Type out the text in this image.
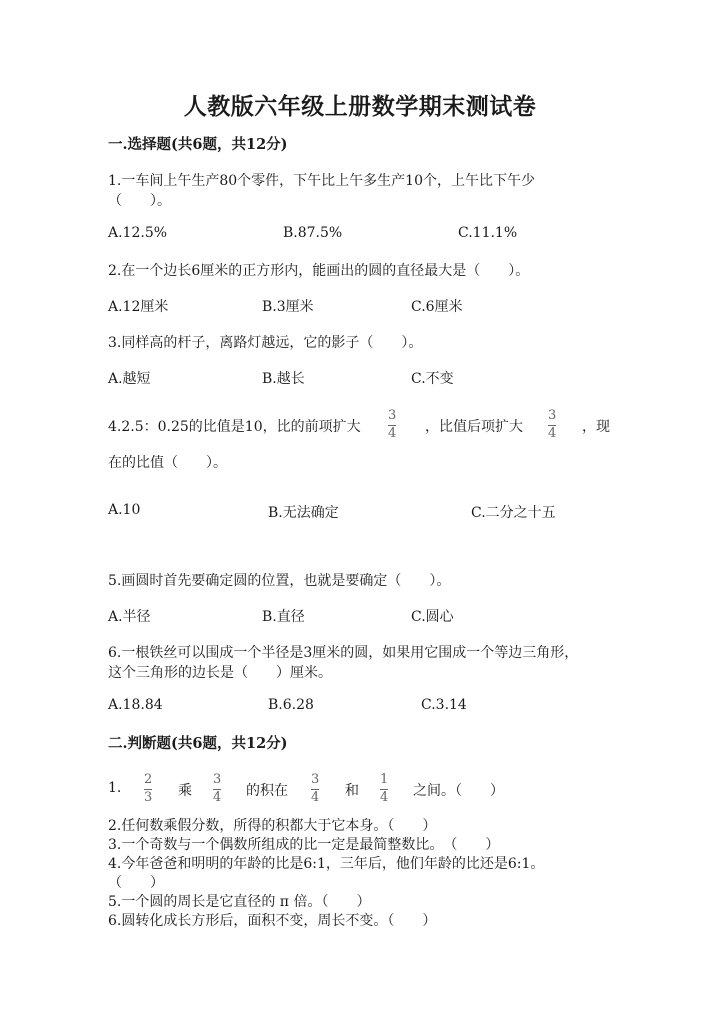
人教版六年级上册数学期末测试卷
一.选择题(共6题，共12分)
1.一车间上午生产80个零件，下午比上午多生产10个，上午比下午少
（　　）。
A.12.5%	B.87.5%	C.11.1%
2.在一个边长6厘米的正方形内，能画出的圆的直径最大是（　　）。
A.12厘米	B.3厘米	C.6厘米
3.同样高的杆子，离路灯越远，它的影子（　　）。
A.越短	B.越长	C.不变
4.2.5：0.25的比值是10，比的前项扩大
3
4 ，比值后项扩大
3
4 ，现
在的比值（　　）。
A.10	B.无法确定	C.二分之十五
5.画圆时首先要确定圆的位置，也就是要确定（　　）。
A.半径	B.直径	C.圆心
6.一根铁丝可以围成一个半径是3厘米的圆，如果用它围成一个等边三角形，
这个三角形的边长是（　　）厘米。
A.18.84	B.6.28	C.3.14
二.判断题(共6题，共12分)
1.
2
3 乘
3
4 的积在
3
4 和
1
4 之间。（　　）
2.任何数乘假分数，所得的积都大于它本身。（　　）
3.一个奇数与一个偶数所组成的比一定是最简整数比。　（　　）
4.今年爸爸和明明的年龄的比是6:1，三年后，他们年龄的比还是6:1。
（　　）
5.一个圆的周长是它直径的 π 倍。（　　）
6.圆转化成长方形后，面积不变，周长不变。（　　）
